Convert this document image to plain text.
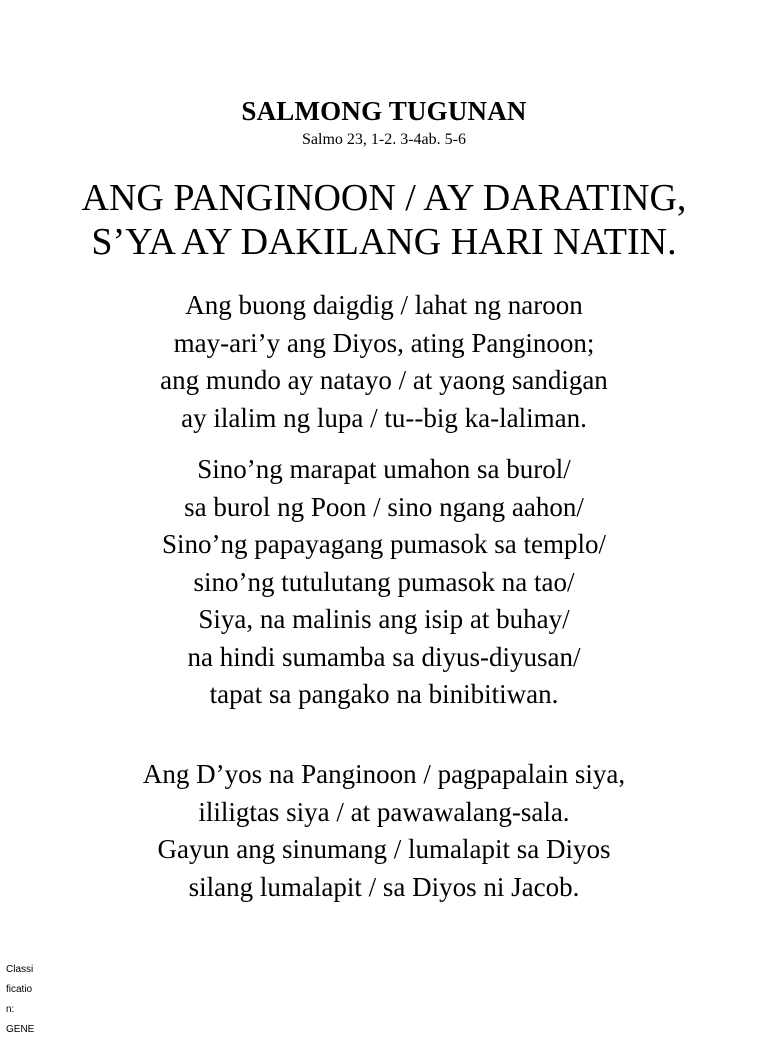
SALMONG TUGUNAN
Salmo 23, 1-2. 3-4ab. 5-6
ANG PANGINOON / AY DARATING,
S’YA AY DAKILANG HARI NATIN.
Ang buong daigdig / lahat ng naroon
may-ari’y ang Diyos, ating Panginoon;
ang mundo ay natayo / at yaong sandigan
ay ilalim ng lupa / tu--big ka-laliman.
Sino’ng marapat umahon sa burol/
sa burol ng Poon / sino ngang aahon/
Sino’ng papayagang pumasok sa templo/
sino’ng tutulutang pumasok na tao/
Siya, na malinis ang isip at buhay/
na hindi sumamba sa diyus-diyusan/
tapat sa pangako na binibitiwan.
Ang D’yos na Panginoon / pagpapalain siya,
ililigtas siya / at pawawalang-sala.
Gayun ang sinumang / lumalapit sa Diyos
silang lumalapit / sa Diyos ni Jacob.
Classi
ficatio
n:
GENE
